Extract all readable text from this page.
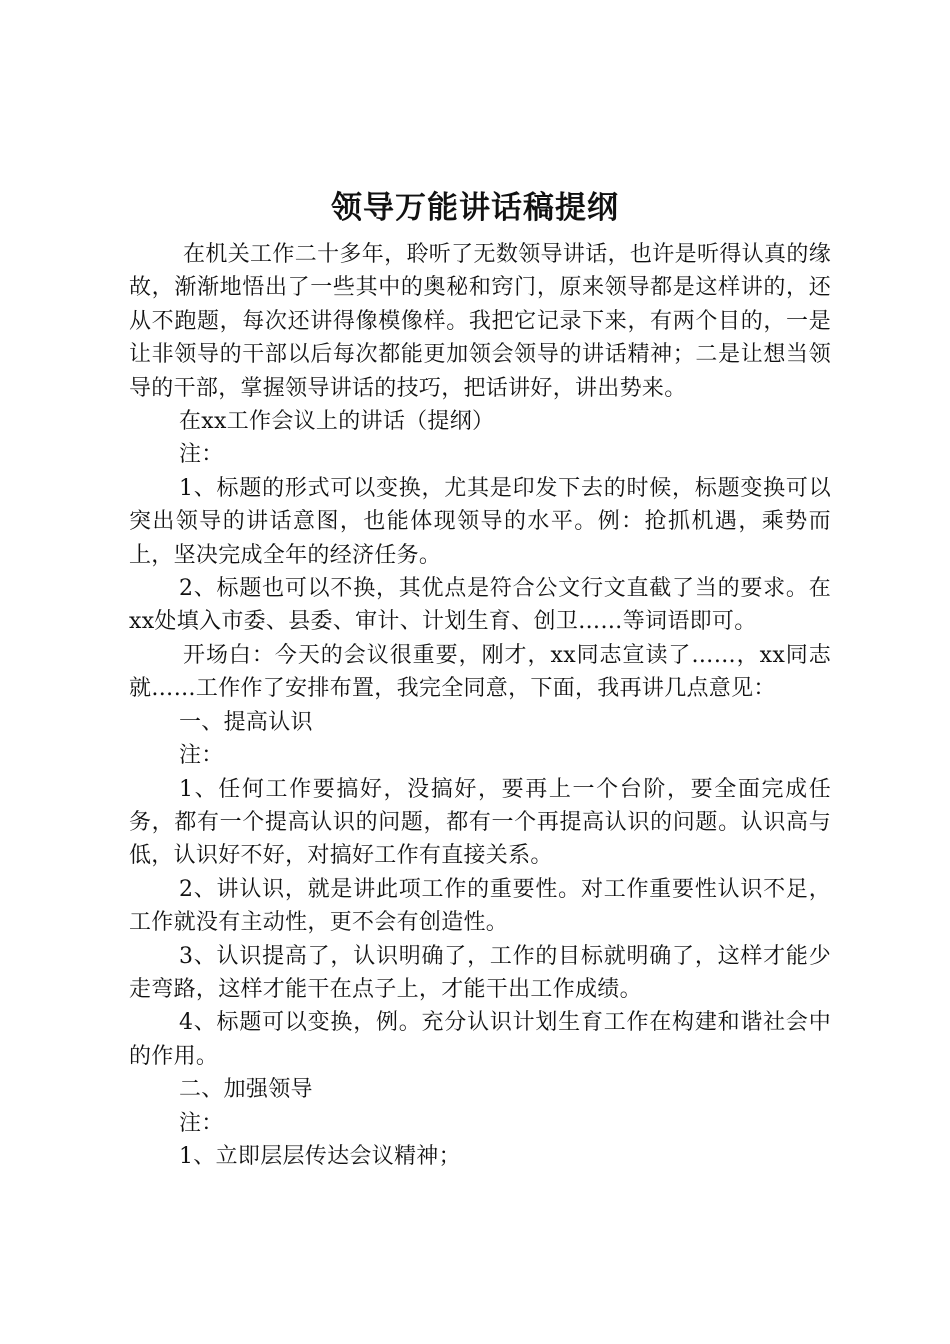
领导万能讲话稿提纲

在机关工作二十多年，聆听了无数领导讲话，也许是听得认真的缘故，渐渐地悟出了一些其中的奥秘和窍门，原来领导都是这样讲的，还从不跑题，每次还讲得像模像样。我把它记录下来，有两个目的，一是让非领导的干部以后每次都能更加领会领导的讲话精神；二是让想当领导的干部，掌握领导讲话的技巧，把话讲好，讲出势来。

在xx工作会议上的讲话（提纲）

注：

1、标题的形式可以变换，尤其是印发下去的时候，标题变换可以突出领导的讲话意图，也能体现领导的水平。例：抢抓机遇，乘势而上，坚决完成全年的经济任务。

2、标题也可以不换，其优点是符合公文行文直截了当的要求。在xx处填入市委、县委、审计、计划生育、创卫……等词语即可。

开场白：今天的会议很重要，刚才，xx同志宣读了……，xx同志就……工作作了安排布置，我完全同意，下面，我再讲几点意见：

一、提高认识

注：

1、任何工作要搞好，没搞好，要再上一个台阶，要全面完成任务，都有一个提高认识的问题，都有一个再提高认识的问题。认识高与低，认识好不好，对搞好工作有直接关系。

2、讲认识，就是讲此项工作的重要性。对工作重要性认识不足，工作就没有主动性，更不会有创造性。

3、认识提高了，认识明确了，工作的目标就明确了，这样才能少走弯路，这样才能干在点子上，才能干出工作成绩。

4、标题可以变换，例。充分认识计划生育工作在构建和谐社会中的作用。

二、加强领导

注：

1、立即层层传达会议精神；
